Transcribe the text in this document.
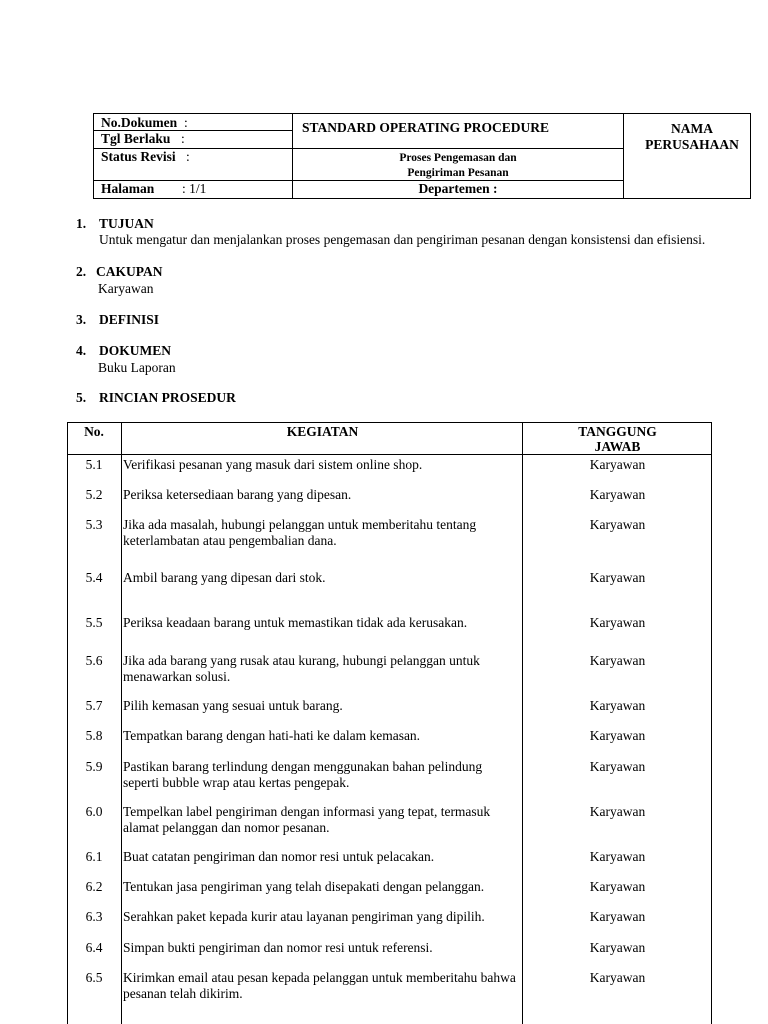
No.Dokumen :
Tgl Berlaku :
Status Revisi :
Halaman : 1/1
STANDARD OPERATING PROCEDURE
Proses Pengemasan dan
Pengiriman Pesanan
Departemen :
NAMA
PERUSAHAAN
1. TUJUAN
Untuk mengatur dan menjalankan proses pengemasan dan pengiriman pesanan dengan konsistensi dan efisiensi.
2. CAKUPAN
Karyawan
3. DEFINISI
4. DOKUMEN
Buku Laporan
5. RINCIAN PROSEDUR
No.	KEGIATAN	TANGGUNG
JAWAB
5.1	Verifikasi pesanan yang masuk dari sistem online shop.	Karyawan
5.2	Periksa ketersediaan barang yang dipesan.	Karyawan
5.3	Jika ada masalah, hubungi pelanggan untuk memberitahu tentang keterlambatan atau pengembalian dana.
Karyawan
5.4	Ambil barang yang dipesan dari stok.	Karyawan
5.5	Periksa keadaan barang untuk memastikan tidak ada kerusakan.	Karyawan
5.6	Jika ada barang yang rusak atau kurang, hubungi pelanggan untuk menawarkan solusi.
Karyawan
5.7	Pilih kemasan yang sesuai untuk barang.	Karyawan
5.8	Tempatkan barang dengan hati-hati ke dalam kemasan.	Karyawan
5.9	Pastikan barang terlindung dengan menggunakan bahan pelindung seperti bubble wrap atau kertas pengepak.
Karyawan
6.0	Tempelkan label pengiriman dengan informasi yang tepat, termasuk alamat pelanggan dan nomor pesanan.
Karyawan
6.1	Buat catatan pengiriman dan nomor resi untuk pelacakan.	Karyawan
6.2	Tentukan jasa pengiriman yang telah disepakati dengan pelanggan.	Karyawan
6.3	Serahkan paket kepada kurir atau layanan pengiriman yang dipilih.	Karyawan
6.4	Simpan bukti pengiriman dan nomor resi untuk referensi.	Karyawan
6.5	Kirimkan email atau pesan kepada pelanggan untuk memberitahu bahwa pesanan telah dikirim.
Karyawan
